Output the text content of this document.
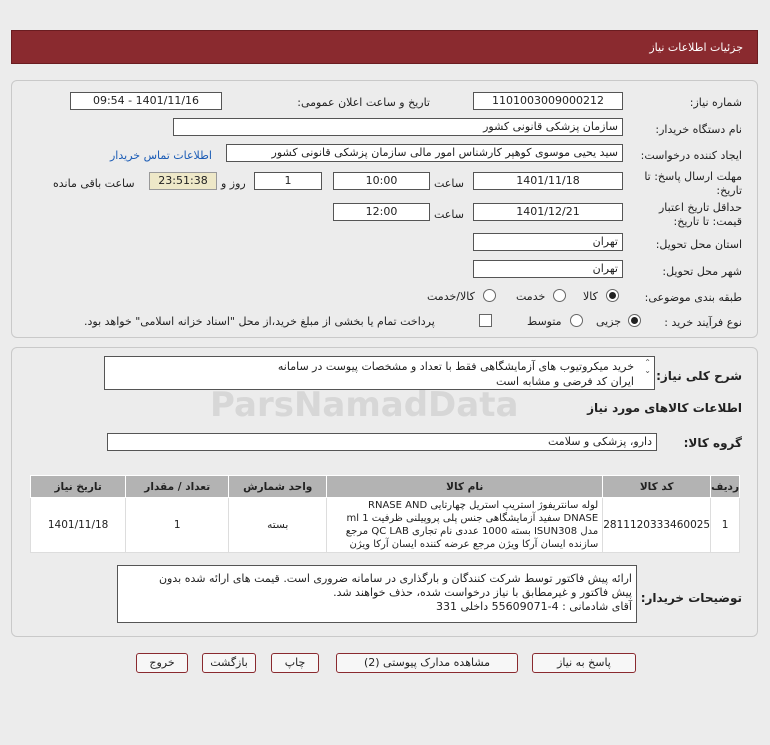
جزئیات اطلاعات نیاز
شماره نیاز:
1101003009000212
تاریخ و ساعت اعلان عمومی:
1401/11/16 - 09:54
نام دستگاه خریدار:
سازمان پزشکی قانونی کشور
ایجاد کننده درخواست:
سید یحیی موسوی کوهپر کارشناس امور مالی سازمان پزشکی قانونی کشور
اطلاعات تماس خریدار
مهلت ارسال پاسخ: تا
تاریخ:
1401/11/18
ساعت
10:00
1
روز و
23:51:38
ساعت باقی مانده
حداقل تاریخ اعتبار
قیمت: تا تاریخ:
1401/12/21
ساعت
12:00
استان محل تحویل:
تهران
شهر محل تحویل:
تهران
طبقه بندی موضوعی:
کالا
خدمت
کالا/خدمت
نوع فرآیند خرید :
جزیی
متوسط
پرداخت تمام یا بخشی از مبلغ خرید،از محل "اسناد خزانه اسلامی" خواهد بود.
شرح کلی نیاز:
خرید میکروتیوب های آزمایشگاهی فقط با تعداد و مشخصات پیوست در سامانه
ایران کد فرضی و مشابه است
⌃
⌄
اطلاعات کالاهای مورد نیاز
گروه کالا:
دارو، پزشکی و سلامت
ردیف	کد کالا	نام کالا	واحد شمارش	تعداد / مقدار	تاریخ نیاز
1	2811120333460025	لوله سانتریفوژ استریپ استریل چهارتایی RNASE AND
DNASE سفید آزمایشگاهی جنس پلی پروپیلنی ظرفیت 1 ml
مدل ISUN308 بسته 1000 عددی نام تجاری QC LAB مرجع
سازنده ایسان آرکا ویژن مرجع عرضه کننده ایسان آرکا ویژن	بسته	1	1401/11/18
توضیحات خریدار:
ارائه پیش فاکتور توسط شرکت کنندگان و بارگذاری در سامانه ضروری است. قیمت های ارائه شده بدون
پیش فاکتور و غیرمطابق با نیاز درخواست شده، حذف خواهند شد.
آقای شادمانی : 4-55609071 داخلی 331
ParsNamadData
پاسخ به نیاز
مشاهده مدارک پیوستی (2)
چاپ
بازگشت
خروج
